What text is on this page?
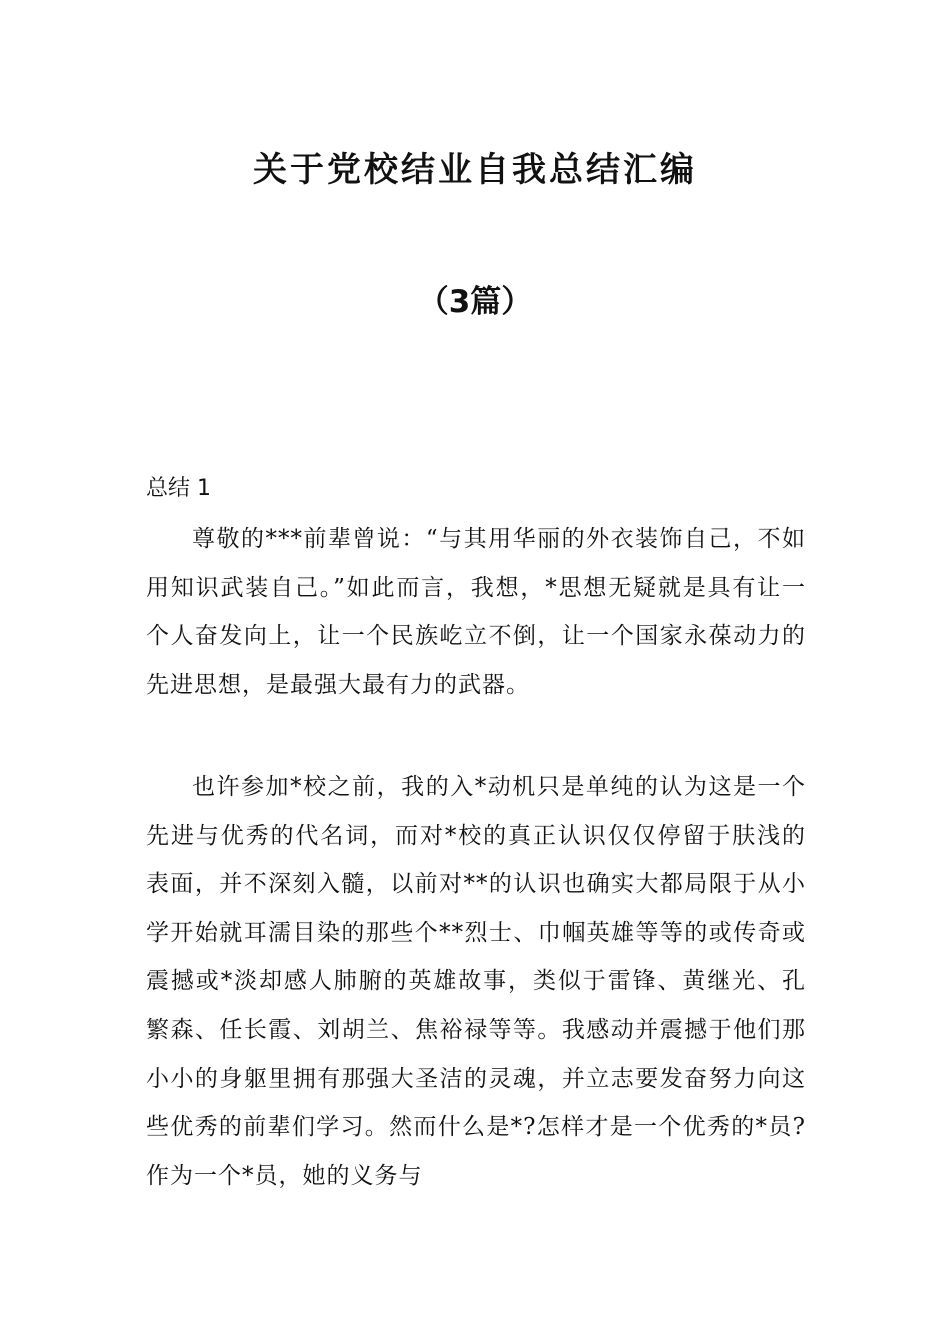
关于党校结业自我总结汇编
（3篇）

总结 1

尊敬的***前辈曾说：“与其用华丽的外衣装饰自己，不如用知识武装自己。”如此而言，我想，*思想无疑就是具有让一个人奋发向上，让一个民族屹立不倒，让一个国家永葆动力的先进思想，是最强大最有力的武器。

也许参加*校之前，我的入*动机只是单纯的认为这是一个先进与优秀的代名词，而对*校的真正认识仅仅停留于肤浅的表面，并不深刻入髓，以前对**的认识也确实大都局限于从小学开始就耳濡目染的那些个**烈士、巾帼英雄等等的或传奇或震撼或*淡却感人肺腑的英雄故事，类似于雷锋、黄继光、孔繁森、任长霞、刘胡兰、焦裕禄等等。我感动并震撼于他们那小小的身躯里拥有那强大圣洁的灵魂，并立志要发奋努力向这些优秀的前辈们学习。然而什么是*?怎样才是一个优秀的*员?作为一个*员，她的义务与
